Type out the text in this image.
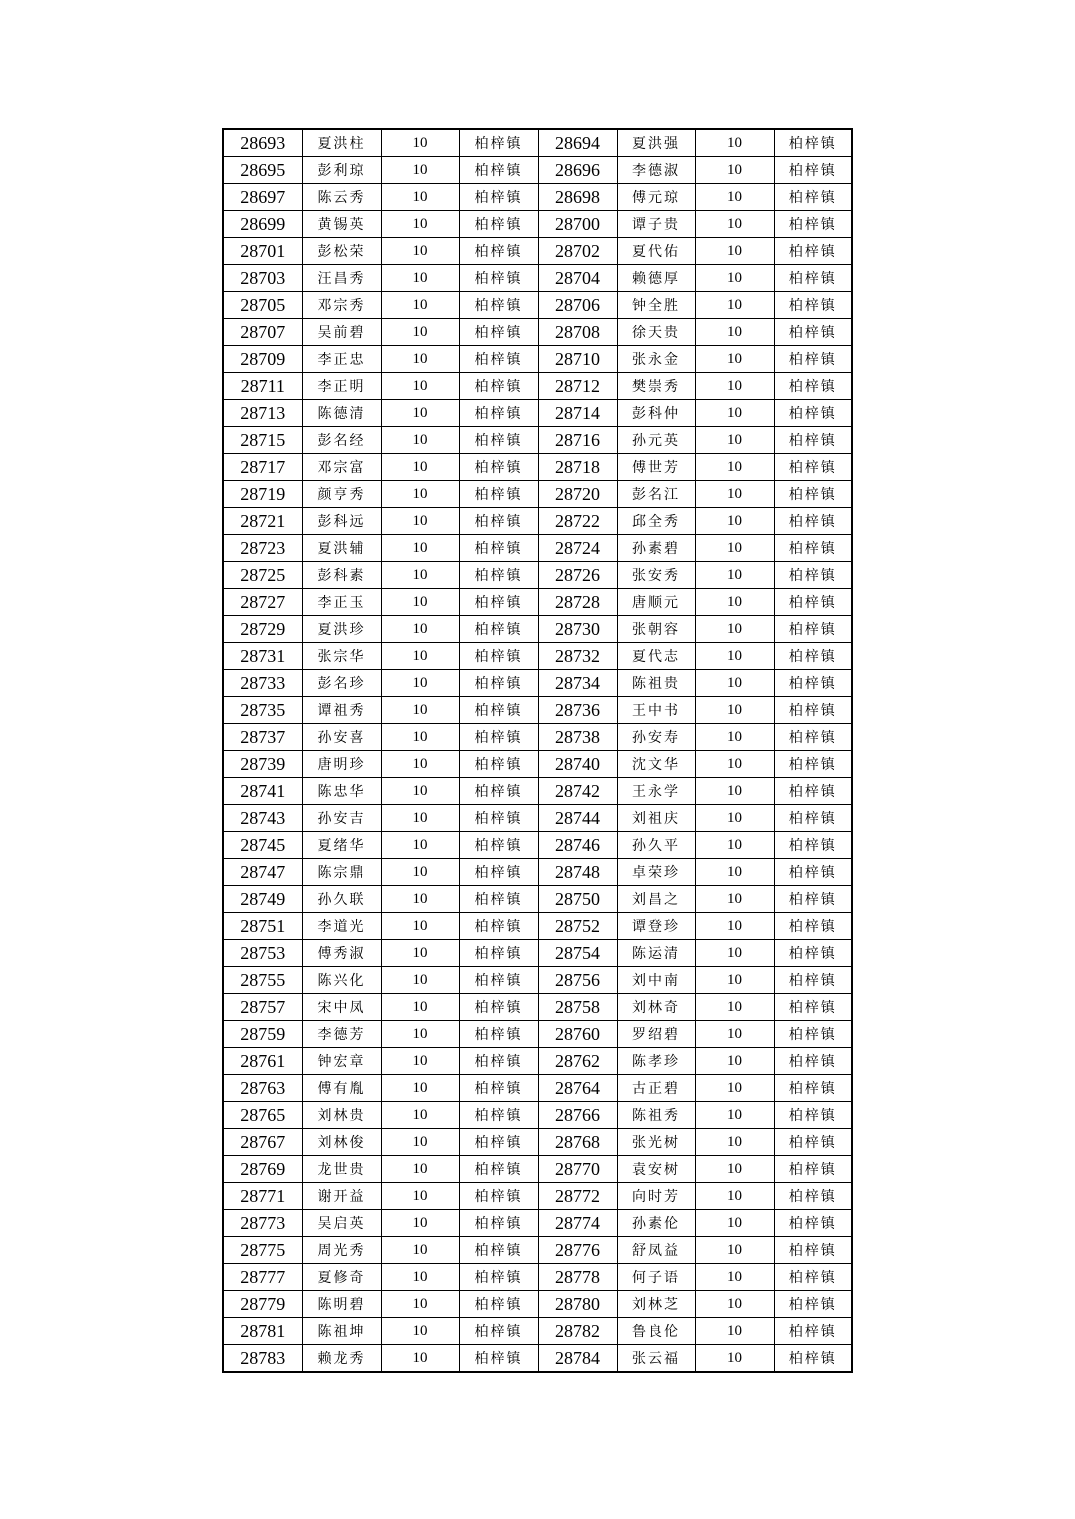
28693	夏洪柱	10	柏梓镇	28694	夏洪强	10	柏梓镇
28695	彭利琼	10	柏梓镇	28696	李德淑	10	柏梓镇
28697	陈云秀	10	柏梓镇	28698	傅元琼	10	柏梓镇
28699	黄锡英	10	柏梓镇	28700	谭子贵	10	柏梓镇
28701	彭松荣	10	柏梓镇	28702	夏代佑	10	柏梓镇
28703	汪昌秀	10	柏梓镇	28704	赖德厚	10	柏梓镇
28705	邓宗秀	10	柏梓镇	28706	钟全胜	10	柏梓镇
28707	吴前碧	10	柏梓镇	28708	徐天贵	10	柏梓镇
28709	李正忠	10	柏梓镇	28710	张永金	10	柏梓镇
28711	李正明	10	柏梓镇	28712	樊崇秀	10	柏梓镇
28713	陈德清	10	柏梓镇	28714	彭科仲	10	柏梓镇
28715	彭名经	10	柏梓镇	28716	孙元英	10	柏梓镇
28717	邓宗富	10	柏梓镇	28718	傅世芳	10	柏梓镇
28719	颜亨秀	10	柏梓镇	28720	彭名江	10	柏梓镇
28721	彭科远	10	柏梓镇	28722	邱全秀	10	柏梓镇
28723	夏洪辅	10	柏梓镇	28724	孙素碧	10	柏梓镇
28725	彭科素	10	柏梓镇	28726	张安秀	10	柏梓镇
28727	李正玉	10	柏梓镇	28728	唐顺元	10	柏梓镇
28729	夏洪珍	10	柏梓镇	28730	张朝容	10	柏梓镇
28731	张宗华	10	柏梓镇	28732	夏代志	10	柏梓镇
28733	彭名珍	10	柏梓镇	28734	陈祖贵	10	柏梓镇
28735	谭祖秀	10	柏梓镇	28736	王中书	10	柏梓镇
28737	孙安喜	10	柏梓镇	28738	孙安寿	10	柏梓镇
28739	唐明珍	10	柏梓镇	28740	沈文华	10	柏梓镇
28741	陈忠华	10	柏梓镇	28742	王永学	10	柏梓镇
28743	孙安吉	10	柏梓镇	28744	刘祖庆	10	柏梓镇
28745	夏绪华	10	柏梓镇	28746	孙久平	10	柏梓镇
28747	陈宗鼎	10	柏梓镇	28748	卓荣珍	10	柏梓镇
28749	孙久联	10	柏梓镇	28750	刘昌之	10	柏梓镇
28751	李道光	10	柏梓镇	28752	谭登珍	10	柏梓镇
28753	傅秀淑	10	柏梓镇	28754	陈运清	10	柏梓镇
28755	陈兴化	10	柏梓镇	28756	刘中南	10	柏梓镇
28757	宋中凤	10	柏梓镇	28758	刘林奇	10	柏梓镇
28759	李德芳	10	柏梓镇	28760	罗绍碧	10	柏梓镇
28761	钟宏章	10	柏梓镇	28762	陈孝珍	10	柏梓镇
28763	傅有胤	10	柏梓镇	28764	古正碧	10	柏梓镇
28765	刘林贵	10	柏梓镇	28766	陈祖秀	10	柏梓镇
28767	刘林俊	10	柏梓镇	28768	张光树	10	柏梓镇
28769	龙世贵	10	柏梓镇	28770	袁安树	10	柏梓镇
28771	谢开益	10	柏梓镇	28772	向时芳	10	柏梓镇
28773	吴启英	10	柏梓镇	28774	孙素伦	10	柏梓镇
28775	周光秀	10	柏梓镇	28776	舒凤益	10	柏梓镇
28777	夏修奇	10	柏梓镇	28778	何子语	10	柏梓镇
28779	陈明碧	10	柏梓镇	28780	刘林芝	10	柏梓镇
28781	陈祖坤	10	柏梓镇	28782	鲁良伦	10	柏梓镇
28783	赖龙秀	10	柏梓镇	28784	张云福	10	柏梓镇
